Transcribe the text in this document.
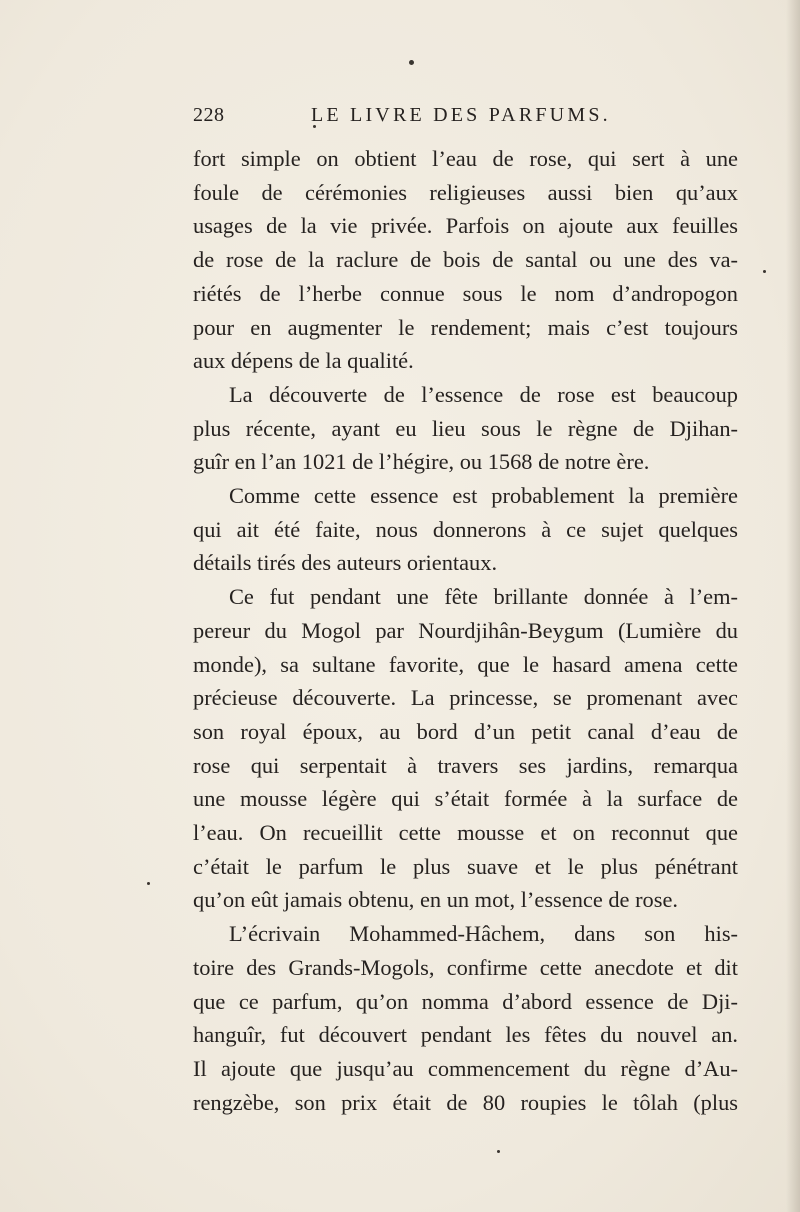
228	LE LIVRE DES PARFUMS.
fort simple on obtient l’eau de rose, qui sert à une
foule de cérémonies religieuses aussi bien qu’aux
usages de la vie privée. Parfois on ajoute aux feuilles
de rose de la raclure de bois de santal ou une des va-
riétés de l’herbe connue sous le nom d’andropogon
pour en augmenter le rendement; mais c’est toujours
aux dépens de la qualité.
La découverte de l’essence de rose est beaucoup
plus récente, ayant eu lieu sous le règne de Djihan-
guîr en l’an 1021 de l’hégire, ou 1568 de notre ère.
Comme cette essence est probablement la première
qui ait été faite, nous donnerons à ce sujet quelques
détails tirés des auteurs orientaux.
Ce fut pendant une fête brillante donnée à l’em-
pereur du Mogol par Nourdjihân-Beygum (Lumière du
monde), sa sultane favorite, que le hasard amena cette
précieuse découverte. La princesse, se promenant avec
son royal époux, au bord d’un petit canal d’eau de
rose qui serpentait à travers ses jardins, remarqua
une mousse légère qui s’était formée à la surface de
l’eau. On recueillit cette mousse et on reconnut que
c’était le parfum le plus suave et le plus pénétrant
qu’on eût jamais obtenu, en un mot, l’essence de rose.
L’écrivain Mohammed-Hâchem, dans son his-
toire des Grands-Mogols, confirme cette anecdote et dit
que ce parfum, qu’on nomma d’abord essence de Dji-
hanguîr, fut découvert pendant les fêtes du nouvel an.
Il ajoute que jusqu’au commencement du règne d’Au-
rengzèbe, son prix était de 80 roupies le tôlah (plus
